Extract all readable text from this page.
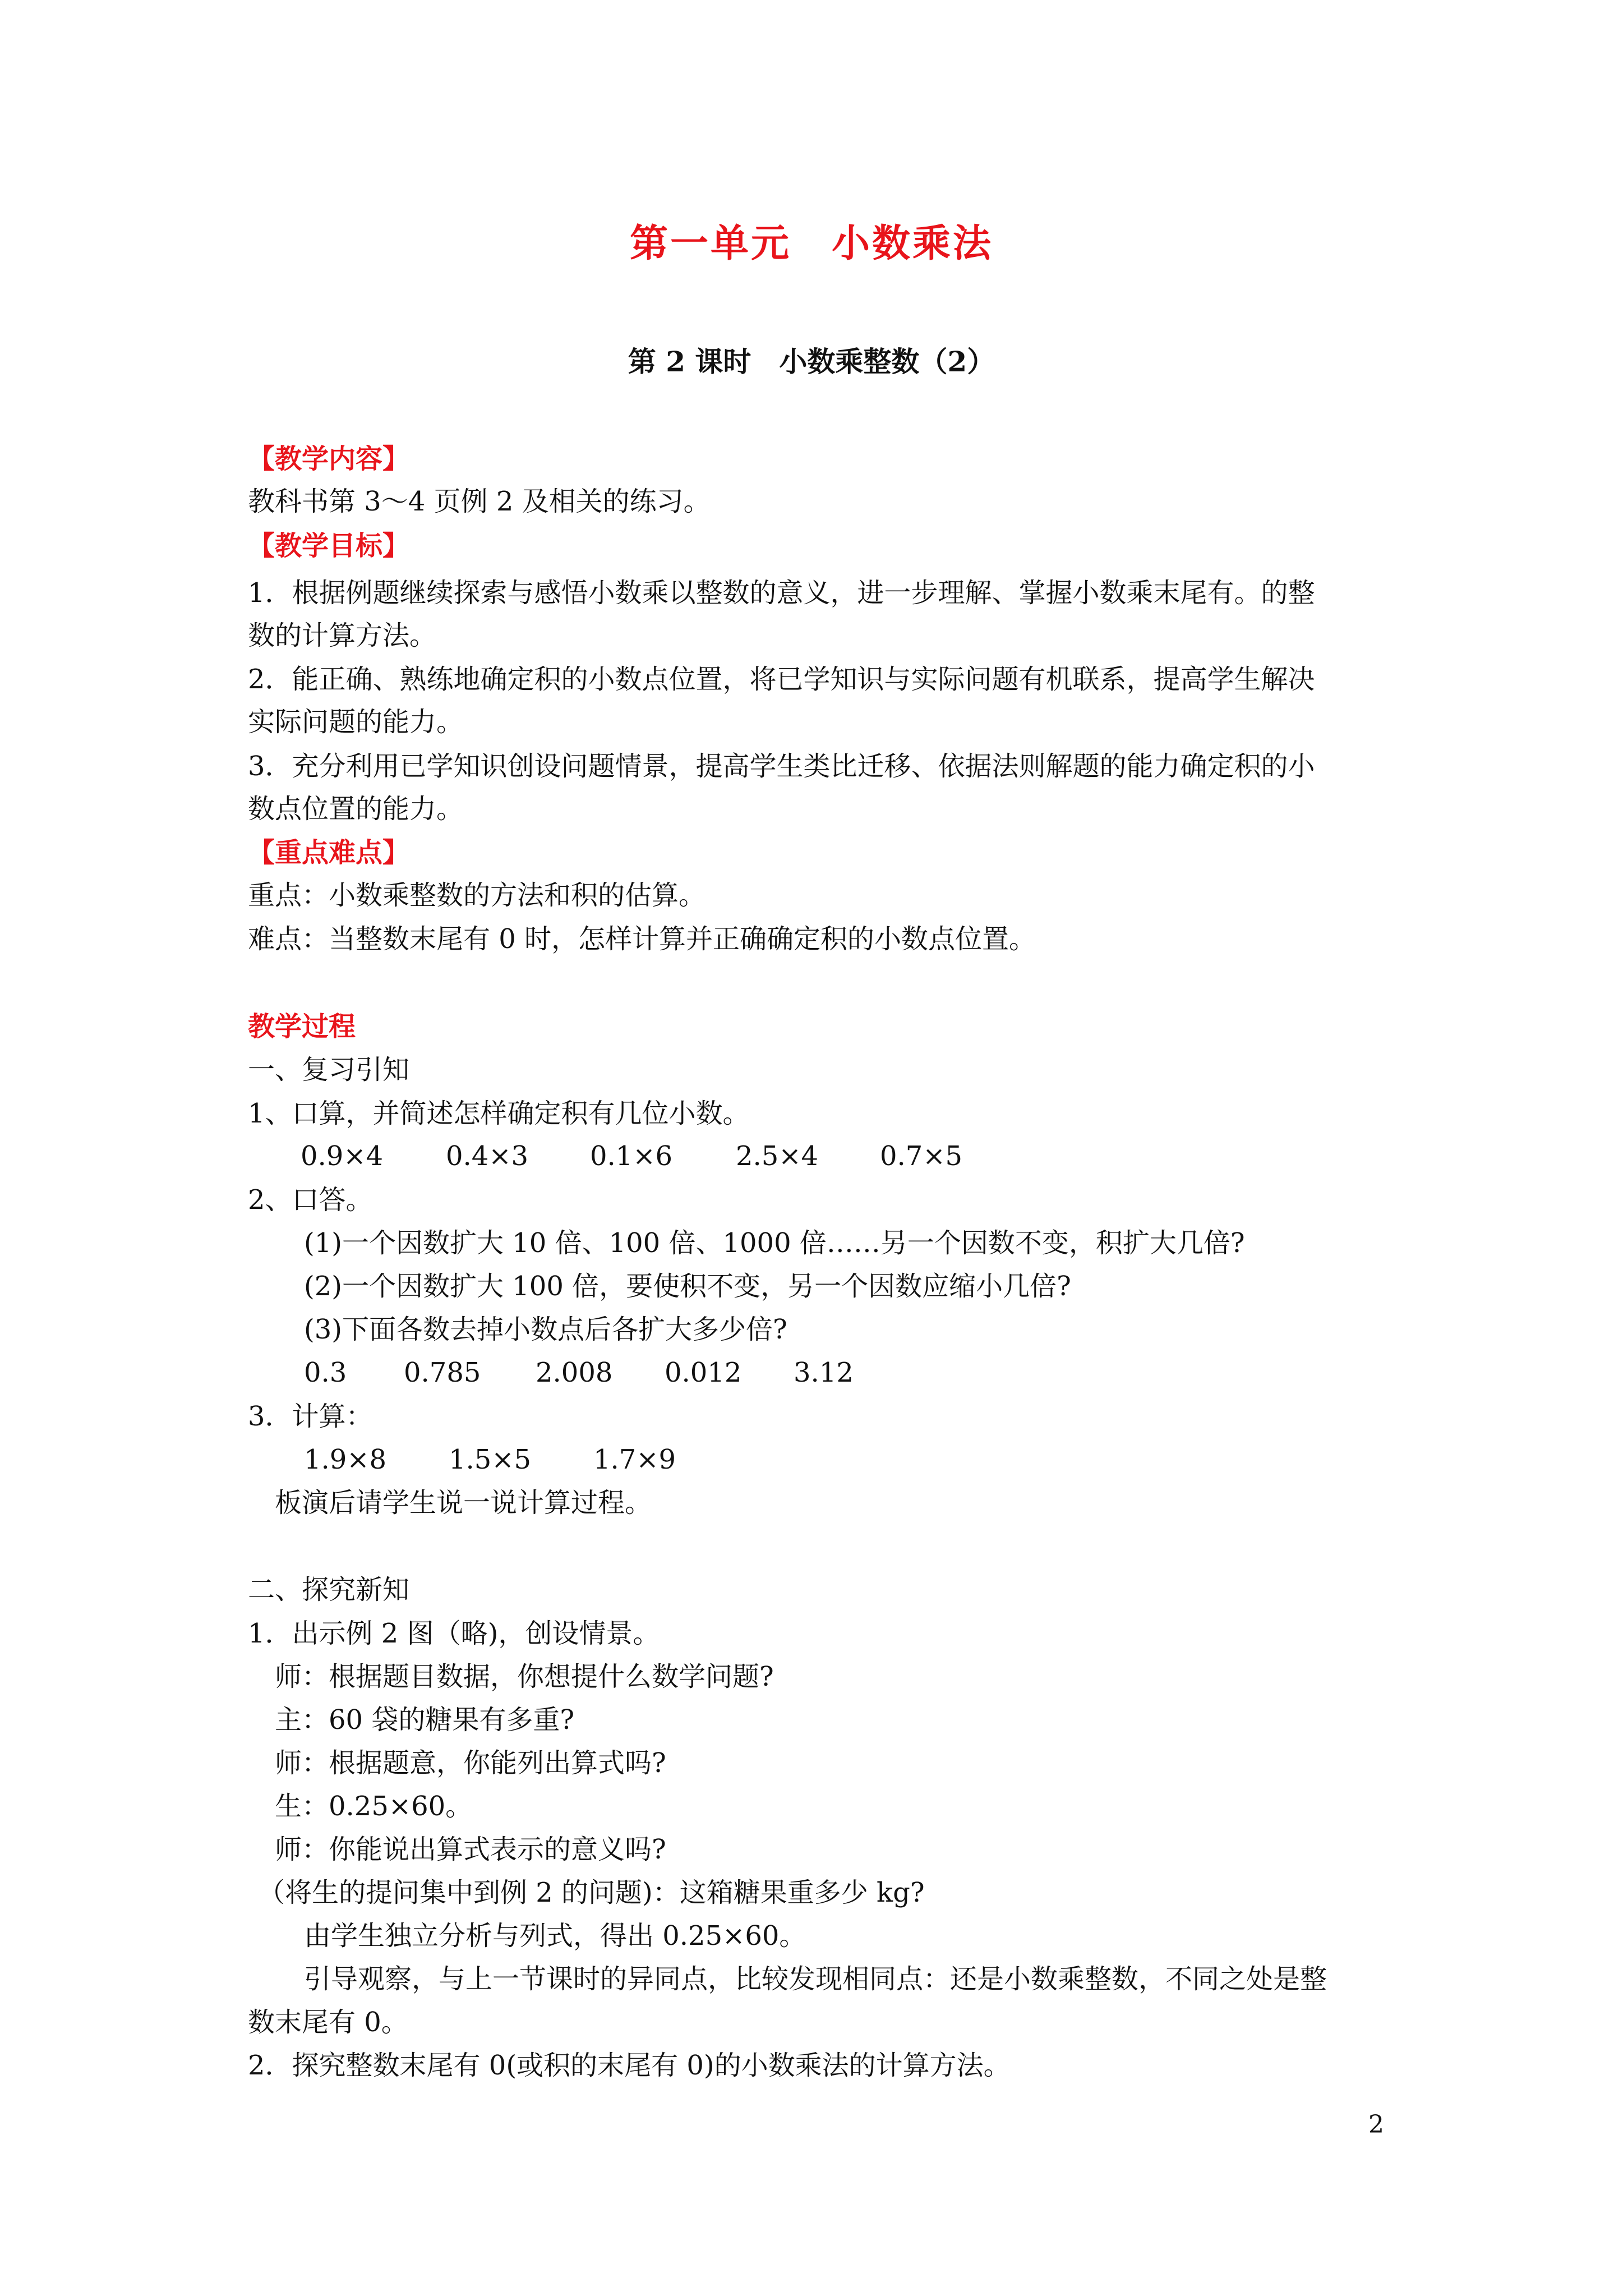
第一单元　小数乘法
第 2 课时　小数乘整数（2）
【教学内容】
教科书第 3～4 页例 2 及相关的练习。
【教学目标】
1．根据例题继续探索与感悟小数乘以整数的意义，进一步理解、掌握小数乘末尾有。的整
数的计算方法。
2．能正确、熟练地确定积的小数点位置，将已学知识与实际问题有机联系，提高学生解决
实际问题的能力。
3．充分利用已学知识创设问题情景，提高学生类比迁移、依据法则解题的能力确定积的小
数点位置的能力。
【重点难点】
重点：小数乘整数的方法和积的估算。
难点：当整数末尾有 0 时，怎样计算并正确确定积的小数点位置。
教学过程
一、复习引知
1、口算，并简述怎样确定积有几位小数。
0.9×4 0.4×3 0.1×6 2.5×4 0.7×5
2、口答。
(1)一个因数扩大 10 倍、100 倍、1000 倍……另一个因数不变，积扩大几倍?
(2)一个因数扩大 100 倍，要使积不变，另一个因数应缩小几倍?
(3)下面各数去掉小数点后各扩大多少倍?
0.3 0.785 2.008 0.012 3.12
3．计算：
1.9×8 1.5×5 1.7×9
板演后请学生说一说计算过程。
二、探究新知
1．出示例 2 图（略)，创设情景。
师：根据题目数据，你想提什么数学问题?
主：60 袋的糖果有多重?
师：根据题意，你能列出算式吗?
生：0.25×60。
师：你能说出算式表示的意义吗?
（将生的提问集中到例 2 的问题)：这箱糖果重多少 kg?
由学生独立分析与列式，得出 0.25×60。
引导观察，与上一节课时的异同点，比较发现相同点：还是小数乘整数，不同之处是整
数末尾有 0。
2．探究整数末尾有 0(或积的末尾有 0)的小数乘法的计算方法。
2
